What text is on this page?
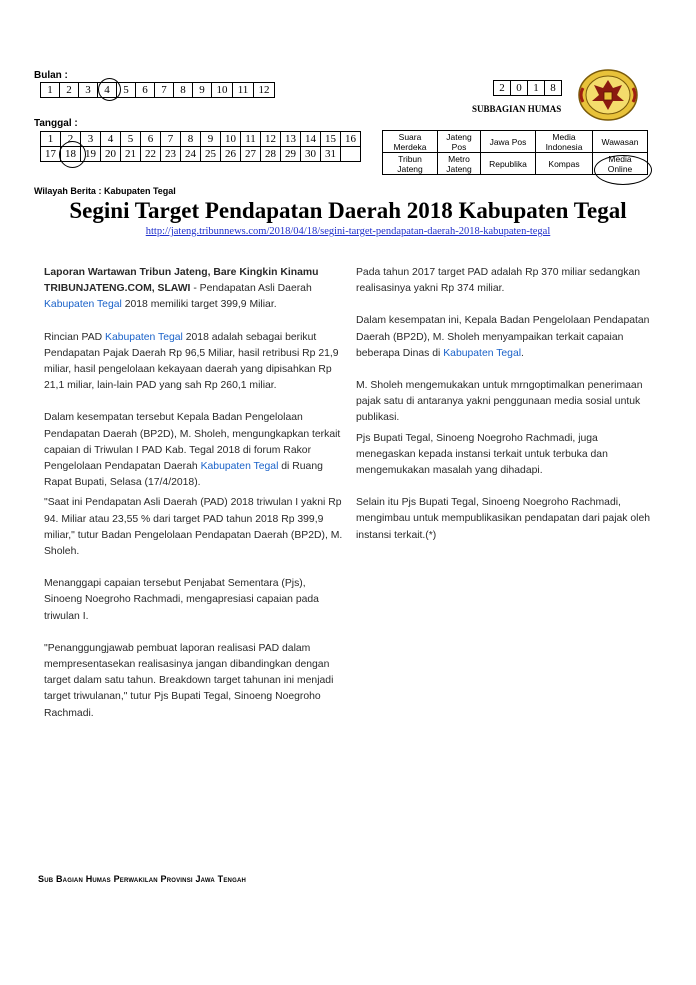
Bulan :
1	2	3	4	5	6	7	8	9	10	11	12
Tanggal :
1	2	3	4	5	6	7	8	9	10	11	12	13	14	15	16
17	18	19	20	21	22	23	24	25	26	27	28	29	30	31	
2	0	1	8
SUBBAGIAN HUMAS
Suara Merdeka	Jateng Pos	Jawa Pos	Media Indonesia	Wawasan
Tribun Jateng	Metro Jateng	Republika	Kompas	Media Online
Wilayah Berita : Kabupaten Tegal
Segini Target Pendapatan Daerah 2018 Kabupaten Tegal
http://jateng.tribunnews.com/2018/04/18/segini-target-pendapatan-daerah-2018-kabupaten-tegal

Laporan Wartawan Tribun Jateng, Bare Kingkin Kinamu
TRIBUNJATENG.COM, SLAWI - Pendapatan Asli Daerah Kabupaten Tegal 2018 memiliki target 399,9 Miliar.

Rincian PAD Kabupaten Tegal 2018 adalah sebagai berikut Pendapatan Pajak Daerah Rp 96,5 Miliar, hasil retribusi Rp 21,9 miliar, hasil pengelolaan kekayaan daerah yang dipisahkan Rp 21,1 miliar, lain-lain PAD yang sah Rp 260,1 miliar.

Dalam kesempatan tersebut Kepala Badan Pengelolaan Pendapatan Daerah (BP2D), M. Sholeh, mengungkapkan terkait capaian di Triwulan I PAD Kab. Tegal 2018 di forum Rakor Pengelolaan Pendapatan Daerah Kabupaten Tegal di Ruang Rapat Bupati, Selasa (17/4/2018).

"Saat ini Pendapatan Asli Daerah (PAD) 2018 triwulan I yakni Rp 94. Miliar atau 23,55 % dari target PAD tahun 2018 Rp 399,9 miliar," tutur Badan Pengelolaan Pendapatan Daerah (BP2D), M. Sholeh.

Menanggapi capaian tersebut Penjabat Sementara (Pjs), Sinoeng Noegroho Rachmadi, mengapresiasi capaian pada triwulan I.

"Penanggungjawab pembuat laporan realisasi PAD dalam mempresentasekan realisasinya jangan dibandingkan dengan target dalam satu tahun. Breakdown target tahunan ini menjadi target triwulanan," tutur Pjs Bupati Tegal, Sinoeng Noegroho Rachmadi.

Pada tahun 2017 target PAD adalah Rp 370 miliar sedangkan realisasinya yakni Rp 374 miliar.

Dalam kesempatan ini, Kepala Badan Pengelolaan Pendapatan Daerah (BP2D), M. Sholeh menyampaikan terkait capaian beberapa Dinas di Kabupaten Tegal.

M. Sholeh mengemukakan untuk mrngoptimalkan penerimaan pajak satu di antaranya yakni penggunaan media sosial untuk publikasi.

Pjs Bupati Tegal, Sinoeng Noegroho Rachmadi, juga menegaskan kepada instansi terkait untuk terbuka dan mengemukakan masalah yang dihadapi.

Selain itu Pjs Bupati Tegal, Sinoeng Noegroho Rachmadi, mengimbau untuk mempublikasikan pendapatan dari pajak oleh instansi terkait.(*)

Sub Bagian Humas Perwakilan Provinsi Jawa Tengah
